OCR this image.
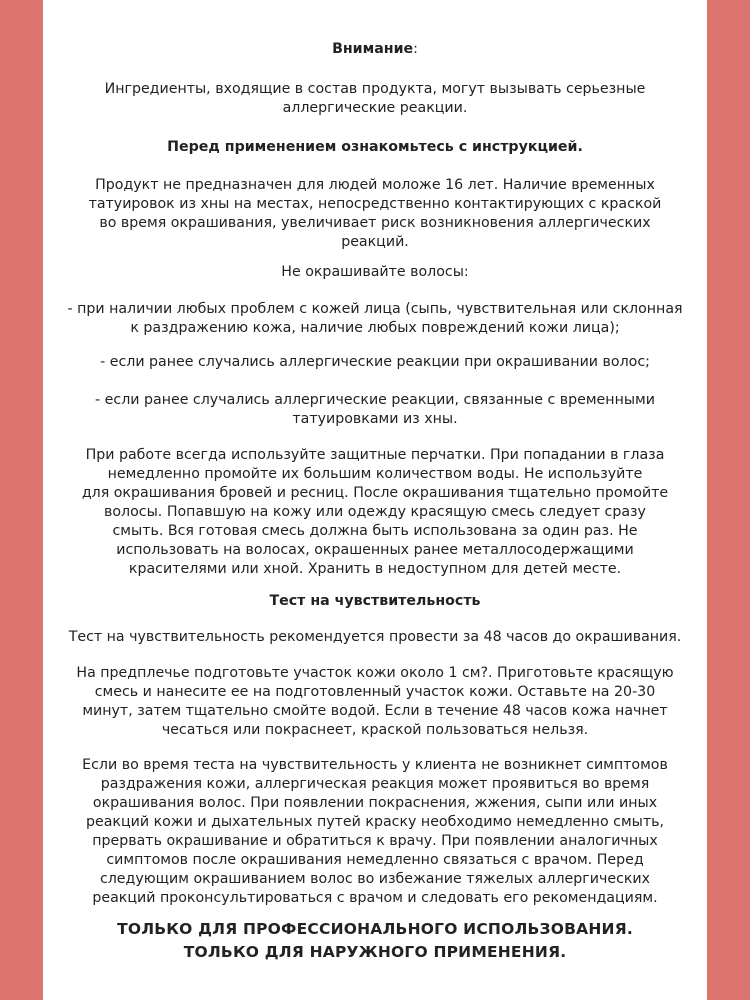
Внимание:
Ингредиенты, входящие в состав продукта, могут вызывать серьезные
аллергические реакции.
Перед применением ознакомьтесь с инструкцией.
Продукт не предназначен для людей моложе 16 лет. Наличие временных
татуировок из хны на местах, непосредственно контактирующих с краской
во время окрашивания, увеличивает риск возникновения аллергических
реакций.
Не окрашивайте волосы:
- при наличии любых проблем с кожей лица (сыпь, чувствительная или склонная
к раздражению кожа, наличие любых повреждений кожи лица);
- если ранее случались аллергические реакции при окрашивании волос;
- если ранее случались аллергические реакции, связанные с временными
татуировками из хны.
При работе всегда используйте защитные перчатки. При попадании в глаза
немедленно промойте их большим количеством воды. Не используйте
для окрашивания бровей и ресниц. После окрашивания тщательно промойте
волосы. Попавшую на кожу или одежду красящую смесь следует сразу
смыть. Вся готовая смесь должна быть использована за один раз. Не
использовать на волосах, окрашенных ранее металлосодержащими
красителями или хной. Хранить в недоступном для детей месте.
Тест на чувствительность
Тест на чувствительность рекомендуется провести за 48 часов до окрашивания.
На предплечье подготовьте участок кожи около 1 см?. Приготовьте красящую
смесь и нанесите ее на подготовленный участок кожи. Оставьте на 20-30
минут, затем тщательно смойте водой. Если в течение 48 часов кожа начнет
чесаться или покраснеет, краской пользоваться нельзя.
Если во время теста на чувствительность у клиента не возникнет симптомов
раздражения кожи, аллергическая реакция может проявиться во время
окрашивания волос. При появлении покраснения, жжения, сыпи или иных
реакций кожи и дыхательных путей краску необходимо немедленно смыть,
прервать окрашивание и обратиться к врачу. При появлении аналогичных
симптомов после окрашивания немедленно связаться с врачом. Перед
следующим окрашиванием волос во избежание тяжелых аллергических
реакций проконсультироваться с врачом и следовать его рекомендациям.
ТОЛЬКО ДЛЯ ПРОФЕССИОНАЛЬНОГО ИСПОЛЬЗОВАНИЯ.
ТОЛЬКО ДЛЯ НАРУЖНОГО ПРИМЕНЕНИЯ.
